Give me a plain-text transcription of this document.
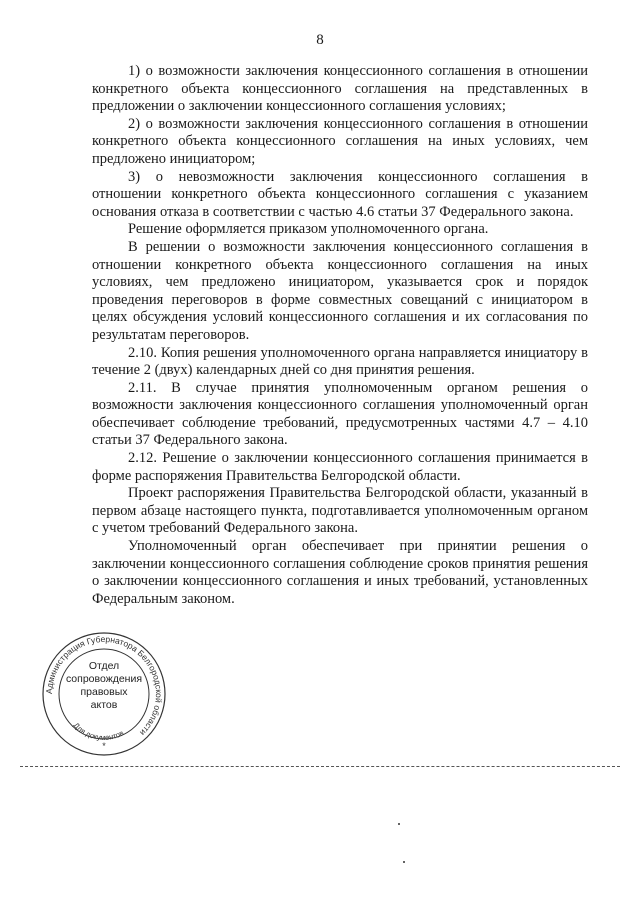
8

1) о возможности заключения концессионного соглашения в отношении конкретного объекта концессионного соглашения на представленных в предложении о заключении концессионного соглашения условиях;

2) о возможности заключения концессионного соглашения в отношении конкретного объекта концессионного соглашения на иных условиях, чем предложено инициатором;

3) о невозможности заключения концессионного соглашения в отношении конкретного объекта концессионного соглашения с указанием основания отказа в соответствии с частью 4.6 статьи 37 Федерального закона.

Решение оформляется приказом уполномоченного органа.

В решении о возможности заключения концессионного соглашения в отношении конкретного объекта концессионного соглашения на иных условиях, чем предложено инициатором, указывается срок и порядок проведения переговоров в форме совместных совещаний с инициатором в целях обсуждения условий концессионного соглашения и их согласования по результатам переговоров.

2.10. Копия решения уполномоченного органа направляется инициатору в течение 2 (двух) календарных дней со дня принятия решения.

2.11. В случае принятия уполномоченным органом решения о возможности заключения концессионного соглашения уполномоченный орган обеспечивает соблюдение требований, предусмотренных частями 4.7 – 4.10 статьи 37 Федерального закона.

2.12. Решение о заключении концессионного соглашения принимается в форме распоряжения Правительства Белгородской области.

Проект распоряжения Правительства Белгородской области, указанный в первом абзаце настоящего пункта, подготавливается уполномоченным органом с учетом требований Федерального закона.

Уполномоченный орган обеспечивает при принятии решения о заключении концессионного соглашения соблюдение сроков принятия решения о заключении концессионного соглашения и иных требований, установленных Федеральным законом.

Администрация Губернатора Белгородской области
Для документов
*
Отдел
сопровождения
правовых
актов
